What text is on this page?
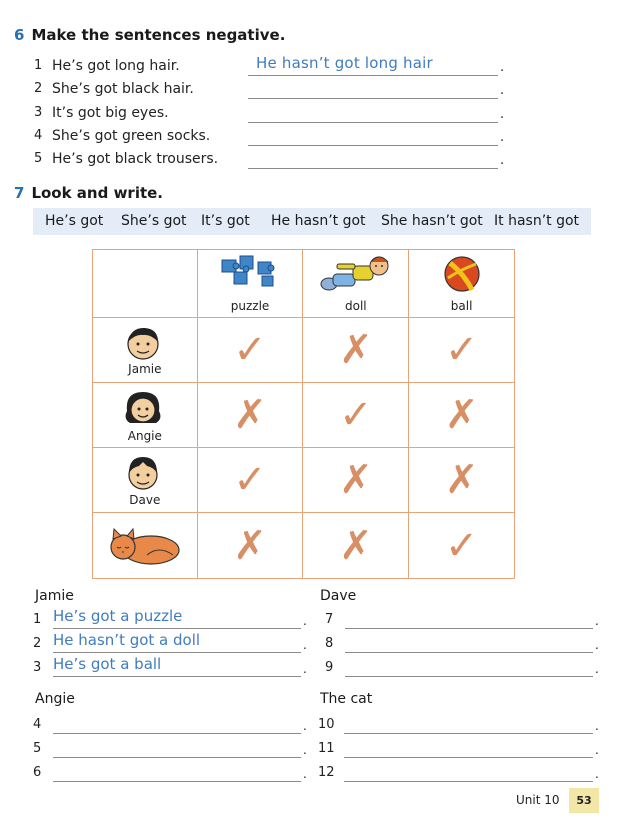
6 Make the sentences negative.
1 He’s got long hair.	He hasn’t got long hair	.
2 She’s got black hair.	.
3 It’s got big eyes.	.
4 She’s got green socks.	.
5 He’s got black trousers.	.
7 Look and write.
He’s got She’s got It’s got He hasn’t got She hasn’t got It hasn’t got

	puzzle	doll	ball

Jamie	✓	✗	✓

Angie	✗	✓	✗

Dave	✓	✗	✗

	✗	✗	✓
Jamie	Dave
1 He’s got a puzzle	.
2 He hasn’t got a doll	.
3 He’s got a ball	.
7	.
8	.
9	.
Angie	The cat
4	.
5	.
6	.
10	.
11	.
12	.
Unit 10	53
